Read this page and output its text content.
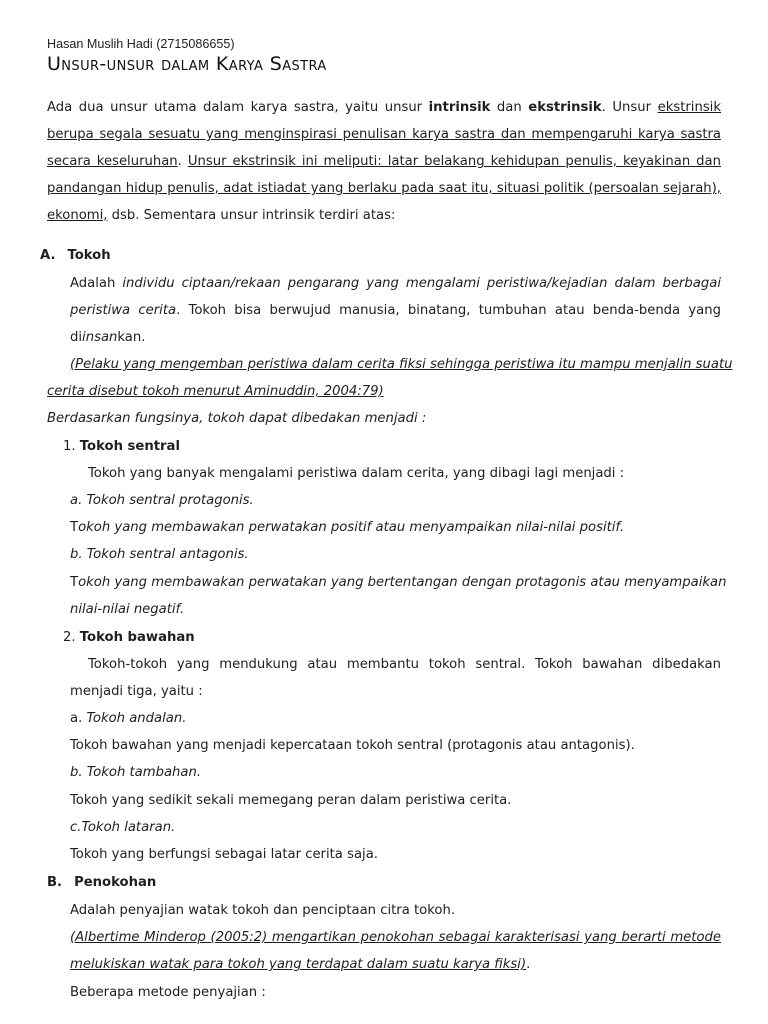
Hasan Muslih Hadi (2715086655)
Unsur-unsur dalam Karya Sastra
Ada dua unsur utama dalam karya sastra, yaitu unsur intrinsik dan ekstrinsik. Unsur ekstrinsik
berupa segala sesuatu yang menginspirasi penulisan karya sastra dan mempengaruhi karya sastra
secara keseluruhan. Unsur ekstrinsik ini meliputi: latar belakang kehidupan penulis, keyakinan dan
pandangan hidup penulis, adat istiadat yang berlaku pada saat itu, situasi politik (persoalan sejarah),
ekonomi, dsb. Sementara unsur intrinsik terdiri atas:
A. Tokoh
Adalah individu ciptaan/rekaan pengarang yang mengalami peristiwa/kejadian dalam berbagai
peristiwa cerita. Tokoh bisa berwujud manusia, binatang, tumbuhan atau benda-benda yang
diinsankan.
(Pelaku yang mengemban peristiwa dalam cerita fiksi sehingga peristiwa itu mampu menjalin suatu
cerita disebut tokoh menurut Aminuddin, 2004:79)
Berdasarkan fungsinya, tokoh dapat dibedakan menjadi :
1. Tokoh sentral
Tokoh yang banyak mengalami peristiwa dalam cerita, yang dibagi lagi menjadi :
a. Tokoh sentral protagonis.
Tokoh yang membawakan perwatakan positif atau menyampaikan nilai-nilai positif.
b. Tokoh sentral antagonis.
Tokoh yang membawakan perwatakan yang bertentangan dengan protagonis atau menyampaikan
nilai-nilai negatif.
2. Tokoh bawahan
Tokoh-tokoh yang mendukung atau membantu tokoh sentral. Tokoh bawahan dibedakan
menjadi tiga, yaitu :
a. Tokoh andalan.
Tokoh bawahan yang menjadi kepercataan tokoh sentral (protagonis atau antagonis).
b. Tokoh tambahan.
Tokoh yang sedikit sekali memegang peran dalam peristiwa cerita.
c.Tokoh lataran.
Tokoh yang berfungsi sebagai latar cerita saja.
B. Penokohan
Adalah penyajian watak tokoh dan penciptaan citra tokoh.
(Albertime Minderop (2005:2) mengartikan penokohan sebagai karakterisasi yang berarti metode
melukiskan watak para tokoh yang terdapat dalam suatu karya fiksi).
Beberapa metode penyajian :
